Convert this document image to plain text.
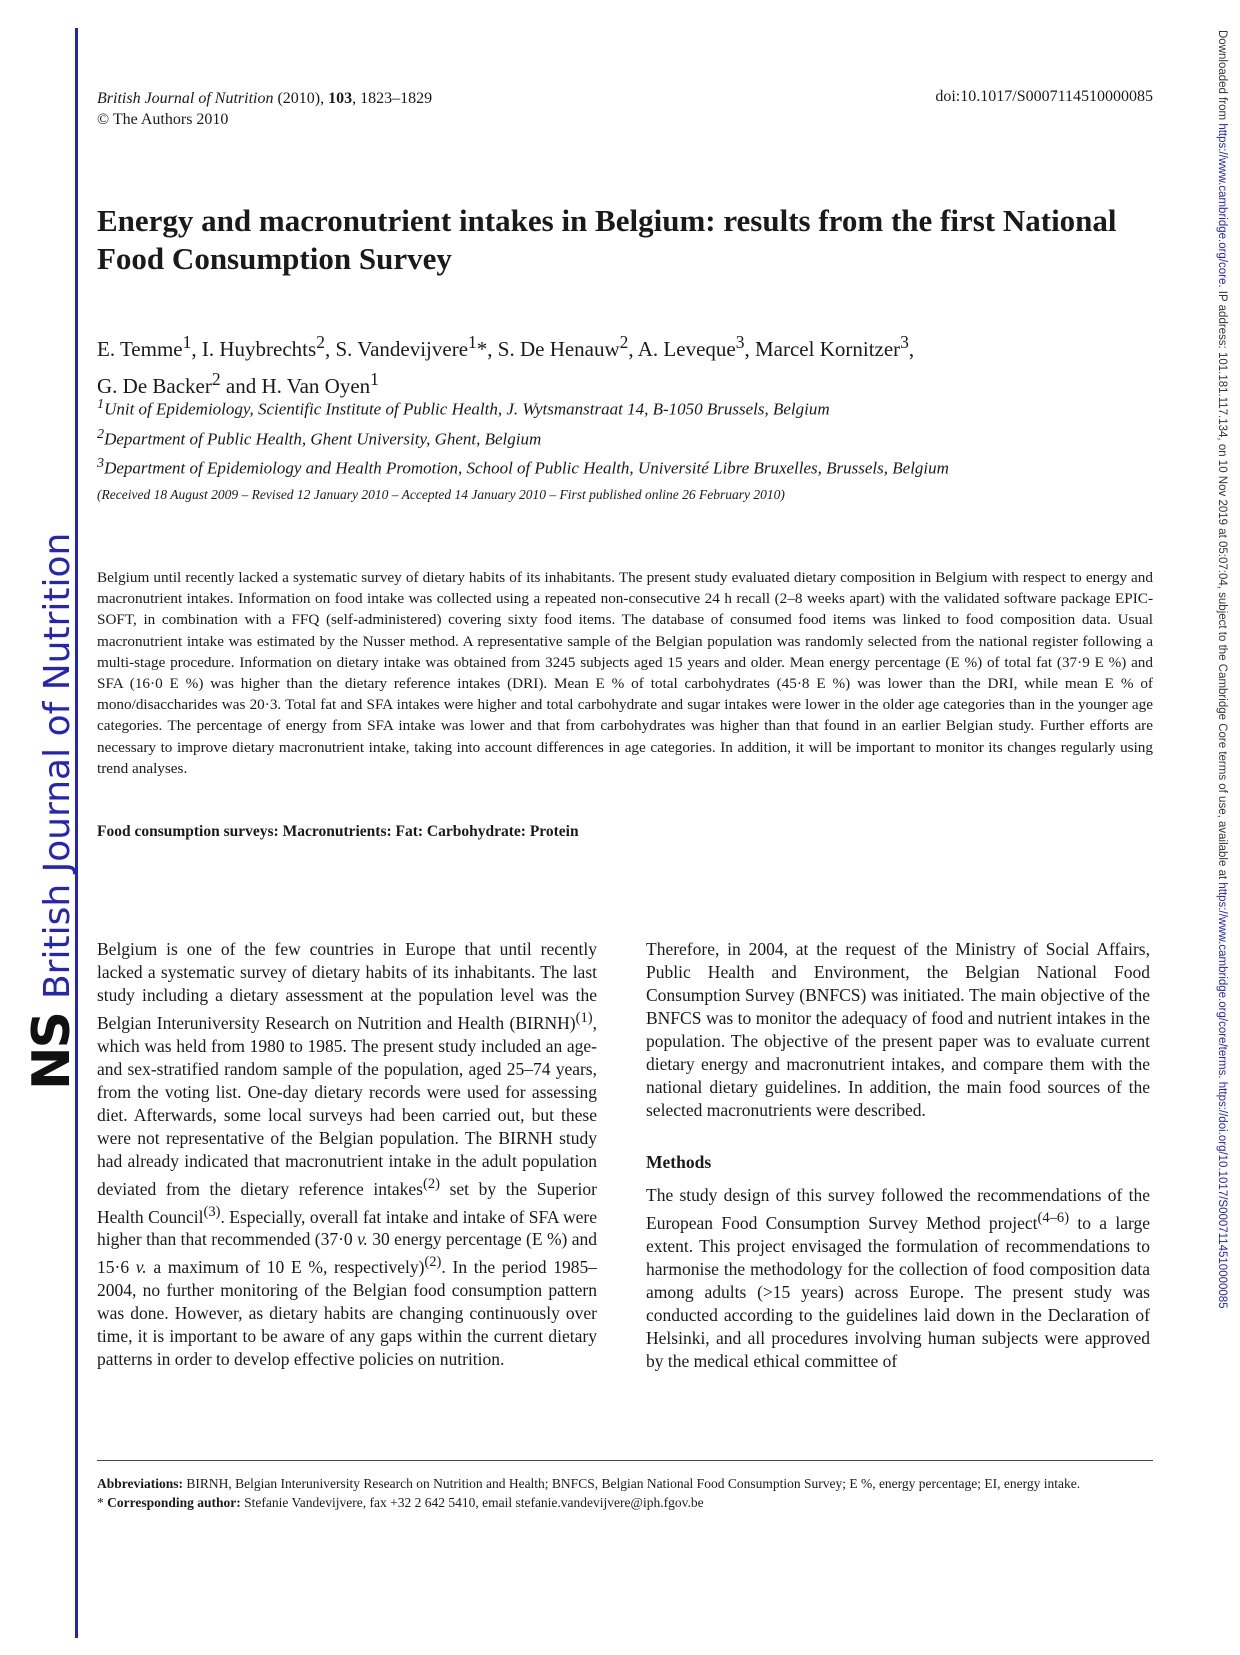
NS
British Journal of Nutrition
Downloaded from https://www.cambridge.org/core. IP address: 101.181.117.134, on 10 Nov 2019 at 05:07:04, subject to the Cambridge Core terms of use, available at https://www.cambridge.org/core/terms. https://doi.org/10.1017/S0007114510000085
British Journal of Nutrition (2010), 103, 1823–1829
© The Authors 2010
doi:10.1017/S0007114510000085
Energy and macronutrient intakes in Belgium: results from the first National Food Consumption Survey
E. Temme$^1$, I. Huybrechts$^2$, S. Vandevijvere$^1$*, S. De Henauw$^2$, A. Leveque$^3$, Marcel Kornitzer$^3$,
G. De Backer$^2$ and H. Van Oyen$^1$
$^1$Unit of Epidemiology, Scientific Institute of Public Health, J. Wytsmanstraat 14, B-1050 Brussels, Belgium
$^2$Department of Public Health, Ghent University, Ghent, Belgium
$^3$Department of Epidemiology and Health Promotion, School of Public Health, Université Libre Bruxelles, Brussels, Belgium
(Received 18 August 2009 – Revised 12 January 2010 – Accepted 14 January 2010 – First published online 26 February 2010)

Belgium until recently lacked a systematic survey of dietary habits of its inhabitants. The present study evaluated dietary composition in Belgium with respect to energy and macronutrient intakes. Information on food intake was collected using a repeated non-consecutive 24 h recall (2–8 weeks apart) with the validated software package EPIC-SOFT, in combination with a FFQ (self-administered) covering sixty food items. The database of consumed food items was linked to food composition data. Usual macronutrient intake was estimated by the Nusser method. A representative sample of the Belgian population was randomly selected from the national register following a multi-stage procedure. Information on dietary intake was obtained from 3245 subjects aged 15 years and older. Mean energy percentage (E %) of total fat (37·9 E %) and SFA (16·0 E %) was higher than the dietary reference intakes (DRI). Mean E % of total carbohydrates (45·8 E %) was lower than the DRI, while mean E % of mono/disaccharides was 20·3. Total fat and SFA intakes were higher and total carbohydrate and sugar intakes were lower in the older age categories than in the younger age categories. The percentage of energy from SFA intake was lower and that from carbohydrates was higher than that found in an earlier Belgian study. Further efforts are necessary to improve dietary macronutrient intake, taking into account differences in age categories. In addition, it will be important to monitor its changes regularly using trend analyses.

Food consumption surveys: Macronutrients: Fat: Carbohydrate: Protein

Belgium is one of the few countries in Europe that until recently lacked a systematic survey of dietary habits of its inhabitants. The last study including a dietary assessment at the population level was the Belgian Interuniversity Research on Nutrition and Health (BIRNH)$^{(1)}$, which was held from 1980 to 1985. The present study included an age- and sex-stratified random sample of the population, aged 25–74 years, from the voting list. One-day dietary records were used for assessing diet. Afterwards, some local surveys had been carried out, but these were not representative of the Belgian population. The BIRNH study had already indicated that macronutrient intake in the adult population deviated from the dietary reference intakes$^{(2)}$ set by the Superior Health Council$^{(3)}$. Especially, overall fat intake and intake of SFA were higher than that recommended (37·0 v. 30 energy percentage (E %) and 15·6 v. a maximum of 10 E %, respectively)$^{(2)}$. In the period 1985–2004, no further monitoring of the Belgian food consumption pattern was done. However, as dietary habits are changing continuously over time, it is important to be aware of any gaps within the current dietary patterns in order to develop effective policies on nutrition.

Therefore, in 2004, at the request of the Ministry of Social Affairs, Public Health and Environment, the Belgian National Food Consumption Survey (BNFCS) was initiated. The main objective of the BNFCS was to monitor the adequacy of food and nutrient intakes in the population. The objective of the present paper was to evaluate current dietary energy and macronutrient intakes, and compare them with the national dietary guidelines. In addition, the main food sources of the selected macronutrients were described.

Methods

The study design of this survey followed the recommendations of the European Food Consumption Survey Method project$^{(4-6)}$ to a large extent. This project envisaged the formulation of recommendations to harmonise the methodology for the collection of food composition data among adults (>15 years) across Europe. The present study was conducted according to the guidelines laid down in the Declaration of Helsinki, and all procedures involving human subjects were approved by the medical ethical committee of

Abbreviations: BIRNH, Belgian Interuniversity Research on Nutrition and Health; BNFCS, Belgian National Food Consumption Survey; E %, energy percentage; EI, energy intake.

* Corresponding author: Stefanie Vandevijvere, fax +32 2 642 5410, email stefanie.vandevijvere@iph.fgov.be
